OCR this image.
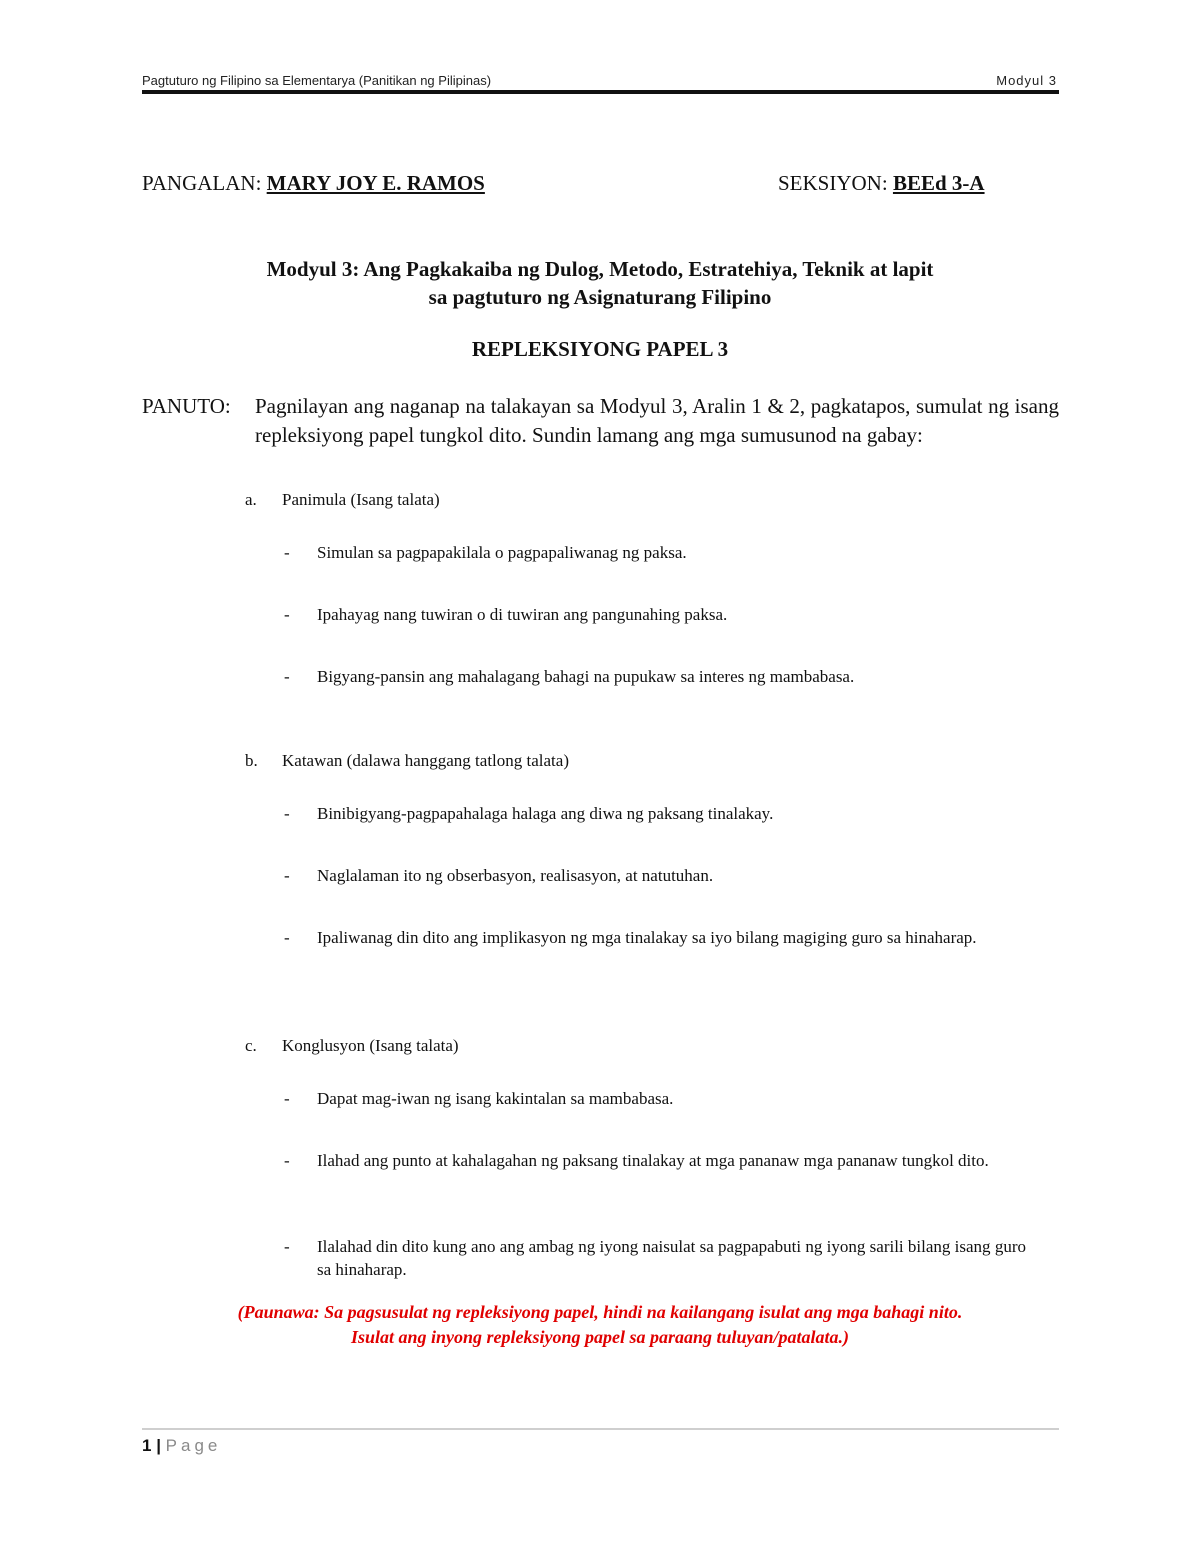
Pagtuturo ng Filipino sa Elementarya (Panitikan ng Pilipinas)	Modyul 3
PANGALAN: MARY JOY E. RAMOS	SEKSIYON: BEEd 3-A
Modyul 3: Ang Pagkakaiba ng Dulog, Metodo, Estratehiya, Teknik at lapit
sa pagtuturo ng Asignaturang Filipino
REPLEKSIYONG PAPEL 3
PANUTO: Pagnilayan ang naganap na talakayan sa Modyul 3, Aralin 1 & 2, pagkatapos, sumulat ng isang repleksiyong papel tungkol dito. Sundin lamang ang mga sumusunod na gabay:
a. Panimula (Isang talata)
- Simulan sa pagpapakilala o pagpapaliwanag ng paksa.
- Ipahayag nang tuwiran o di tuwiran ang pangunahing paksa.
- Bigyang-pansin ang mahalagang bahagi na pupukaw sa interes ng mambabasa.
b. Katawan (dalawa hanggang tatlong talata)
- Binibigyang-pagpapahalaga halaga ang diwa ng paksang tinalakay.
- Naglalaman ito ng obserbasyon, realisasyon, at natutuhan.
- Ipaliwanag din dito ang implikasyon ng mga tinalakay sa iyo bilang magiging guro sa hinaharap.
c. Konglusyon (Isang talata)
- Dapat mag-iwan ng isang kakintalan sa mambabasa.
- Ilahad ang punto at kahalagahan ng paksang tinalakay at mga pananaw mga pananaw tungkol dito.
- Ilalahad din dito kung ano ang ambag ng iyong naisulat sa pagpapabuti ng iyong sarili bilang isang guro sa hinaharap.
(Paunawa: Sa pagsusulat ng repleksiyong papel, hindi na kailangang isulat ang mga bahagi nito.
Isulat ang inyong repleksiyong papel sa paraang tuluyan/patalata.)
1 | Page
